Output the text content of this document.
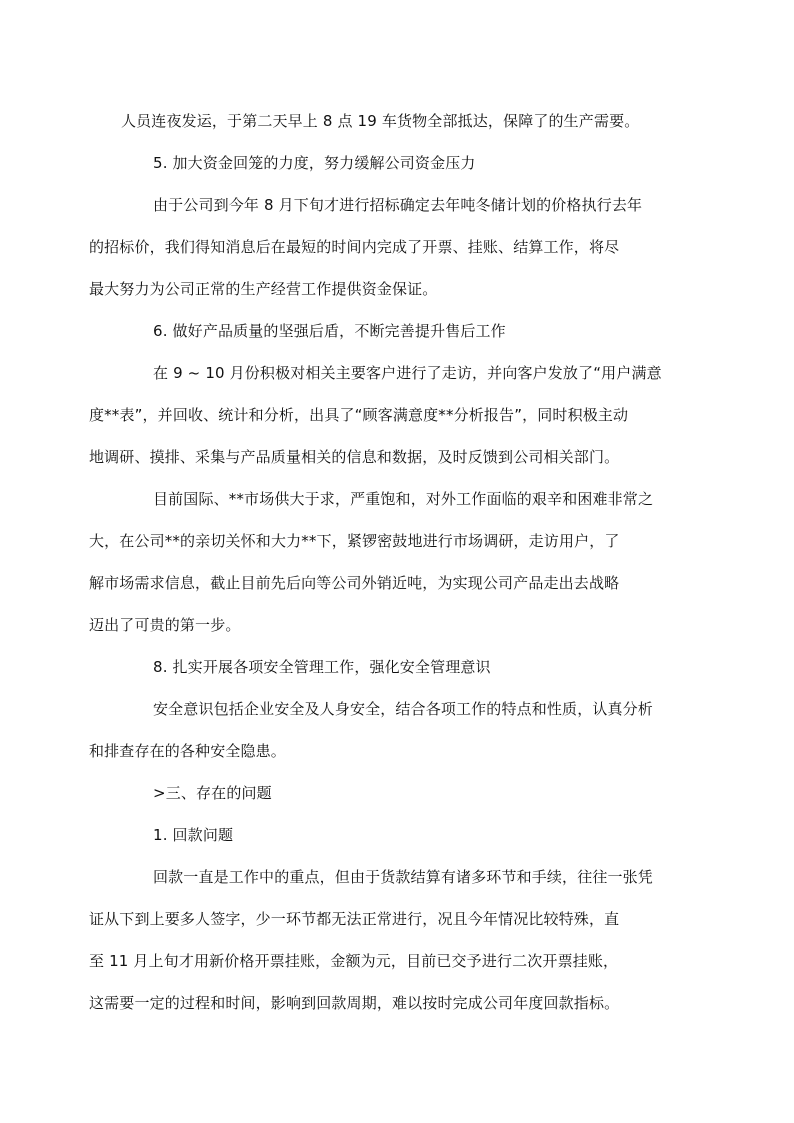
人员连夜发运，于第二天早上 8 点 19 车货物全部抵达，保障了的生产需要。

5. 加大资金回笼的力度，努力缓解公司资金压力

由于公司到今年 8 月下旬才进行招标确定去年吨冬储计划的价格执行去年
的招标价，我们得知消息后在最短的时间内完成了开票、挂账、结算工作，将尽
最大努力为公司正常的生产经营工作提供资金保证。

6. 做好产品质量的坚强后盾，不断完善提升售后工作

在 9 ~ 10 月份积极对相关主要客户进行了走访，并向客户发放了“用户满意
度**表”，并回收、统计和分析，出具了“顾客满意度**分析报告”，同时积极主动
地调研、摸排、采集与产品质量相关的信息和数据，及时反馈到公司相关部门。

目前国际、**市场供大于求，严重饱和，对外工作面临的艰辛和困难非常之
大，在公司**的亲切关怀和大力**下，紧锣密鼓地进行市场调研，走访用户，了
解市场需求信息，截止目前先后向等公司外销近吨，为实现公司产品走出去战略
迈出了可贵的第一步。

8. 扎实开展各项安全管理工作，强化安全管理意识

安全意识包括企业安全及人身安全，结合各项工作的特点和性质，认真分析
和排查存在的各种安全隐患。

>三、存在的问题

1. 回款问题

回款一直是工作中的重点，但由于货款结算有诸多环节和手续，往往一张凭
证从下到上要多人签字，少一环节都无法正常进行，况且今年情况比较特殊，直
至 11 月上旬才用新价格开票挂账，金额为元，目前已交予进行二次开票挂账，
这需要一定的过程和时间，影响到回款周期，难以按时完成公司年度回款指标。
